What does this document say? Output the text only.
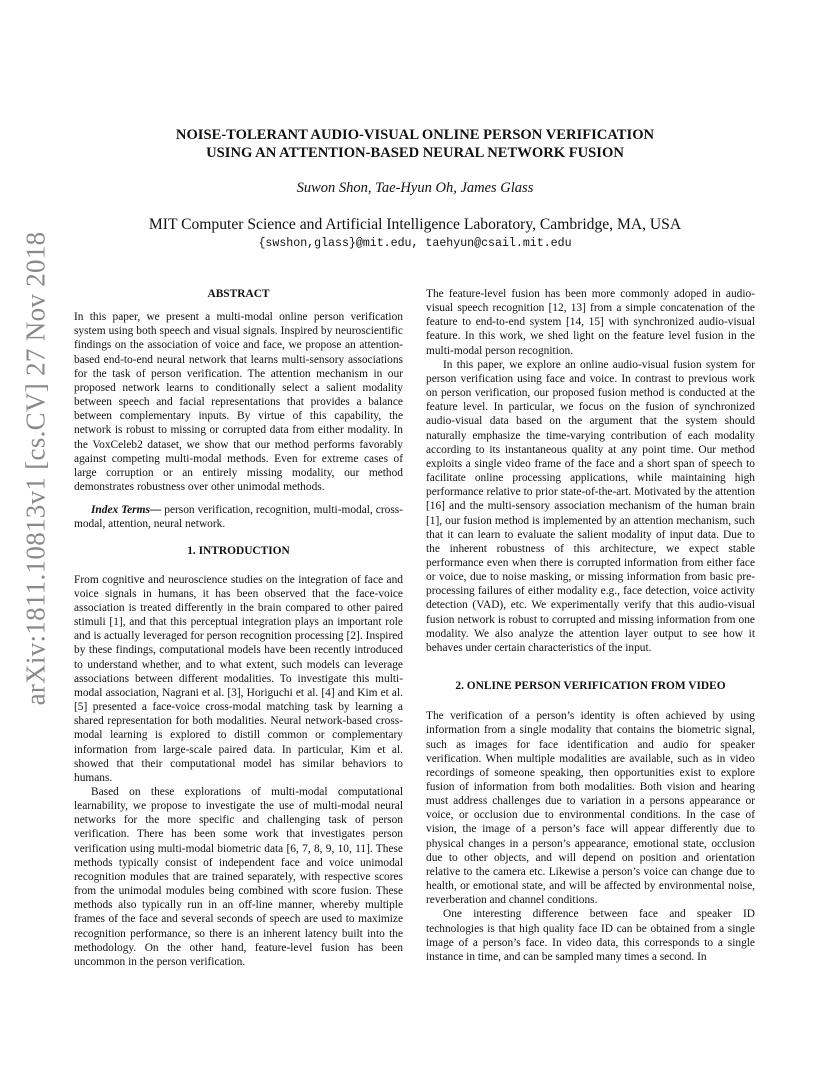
arXiv:1811.10813v1 [cs.CV] 27 Nov 2018
NOISE-TOLERANT AUDIO-VISUAL ONLINE PERSON VERIFICATION
USING AN ATTENTION-BASED NEURAL NETWORK FUSION
Suwon Shon, Tae-Hyun Oh, James Glass
MIT Computer Science and Artificial Intelligence Laboratory, Cambridge, MA, USA
{swshon,glass}@mit.edu, taehyun@csail.mit.edu
ABSTRACT

In this paper, we present a multi-modal online person verification system using both speech and visual signals. Inspired by neuroscientific findings on the association of voice and face, we propose an attention-based end-to-end neural network that learns multi-sensory associations for the task of person verification. The attention mechanism in our proposed network learns to conditionally select a salient modality between speech and facial representations that provides a balance between complementary inputs. By virtue of this capability, the network is robust to missing or corrupted data from either modality. In the VoxCeleb2 dataset, we show that our method performs favorably against competing multi-modal methods. Even for extreme cases of large corruption or an entirely missing modality, our method demonstrates robustness over other unimodal methods.

Index Terms— person verification, recognition, multi-modal, cross-modal, attention, neural network.

1. INTRODUCTION

From cognitive and neuroscience studies on the integration of face and voice signals in humans, it has been observed that the face-voice association is treated differently in the brain compared to other paired stimuli [1], and that this perceptual integration plays an important role and is actually leveraged for person recognition processing [2]. Inspired by these findings, computational models have been recently introduced to understand whether, and to what extent, such models can leverage associations between different modalities. To investigate this multi-modal association, Nagrani et al. [3], Horiguchi et al. [4] and Kim et al. [5] presented a face-voice cross-modal matching task by learning a shared representation for both modalities. Neural network-based cross-modal learning is explored to distill common or complementary information from large-scale paired data. In particular, Kim et al. showed that their computational model has similar behaviors to humans.

Based on these explorations of multi-modal computational learnability, we propose to investigate the use of multi-modal neural networks for the more specific and challenging task of person verification. There has been some work that investigates person verification using multi-modal biometric data [6, 7, 8, 9, 10, 11]. These methods typically consist of independent face and voice unimodal recognition modules that are trained separately, with respective scores from the unimodal modules being combined with score fusion. These methods also typically run in an off-line manner, whereby multiple frames of the face and several seconds of speech are used to maximize recognition performance, so there is an inherent latency built into the methodology. On the other hand, feature-level fusion has been uncommon in the person verification.

The feature-level fusion has been more commonly adoped in audio-visual speech recognition [12, 13] from a simple concatenation of the feature to end-to-end system [14, 15] with synchronized audio-visual feature. In this work, we shed light on the feature level fusion in the multi-modal person recognition.

In this paper, we explore an online audio-visual fusion system for person verification using face and voice. In contrast to previous work on person verification, our proposed fusion method is conducted at the feature level. In particular, we focus on the fusion of synchronized audio-visual data based on the argument that the system should naturally emphasize the time-varying contribution of each modality according to its instantaneous quality at any point time. Our method exploits a single video frame of the face and a short span of speech to facilitate online processing applications, while maintaining high performance relative to prior state-of-the-art. Motivated by the attention [16] and the multi-sensory association mechanism of the human brain [1], our fusion method is implemented by an attention mechanism, such that it can learn to evaluate the salient modality of input data. Due to the inherent robustness of this architecture, we expect stable performance even when there is corrupted information from either face or voice, due to noise masking, or missing information from basic pre-processing failures of either modality e.g., face detection, voice activity detection (VAD), etc. We experimentally verify that this audio-visual fusion network is robust to corrupted and missing information from one modality. We also analyze the attention layer output to see how it behaves under certain characteristics of the input.

2. ONLINE PERSON VERIFICATION FROM VIDEO

The verification of a person’s identity is often achieved by using information from a single modality that contains the biometric signal, such as images for face identification and audio for speaker verification. When multiple modalities are available, such as in video recordings of someone speaking, then opportunities exist to explore fusion of information from both modalities. Both vision and hearing must address challenges due to variation in a persons appearance or voice, or occlusion due to environmental conditions. In the case of vision, the image of a person’s face will appear differently due to physical changes in a person’s appearance, emotional state, occlusion due to other objects, and will depend on position and orientation relative to the camera etc. Likewise a person’s voice can change due to health, or emotional state, and will be affected by environmental noise, reverberation and channel conditions.

One interesting difference between face and speaker ID technologies is that high quality face ID can be obtained from a single image of a person’s face. In video data, this corresponds to a single instance in time, and can be sampled many times a second. In
